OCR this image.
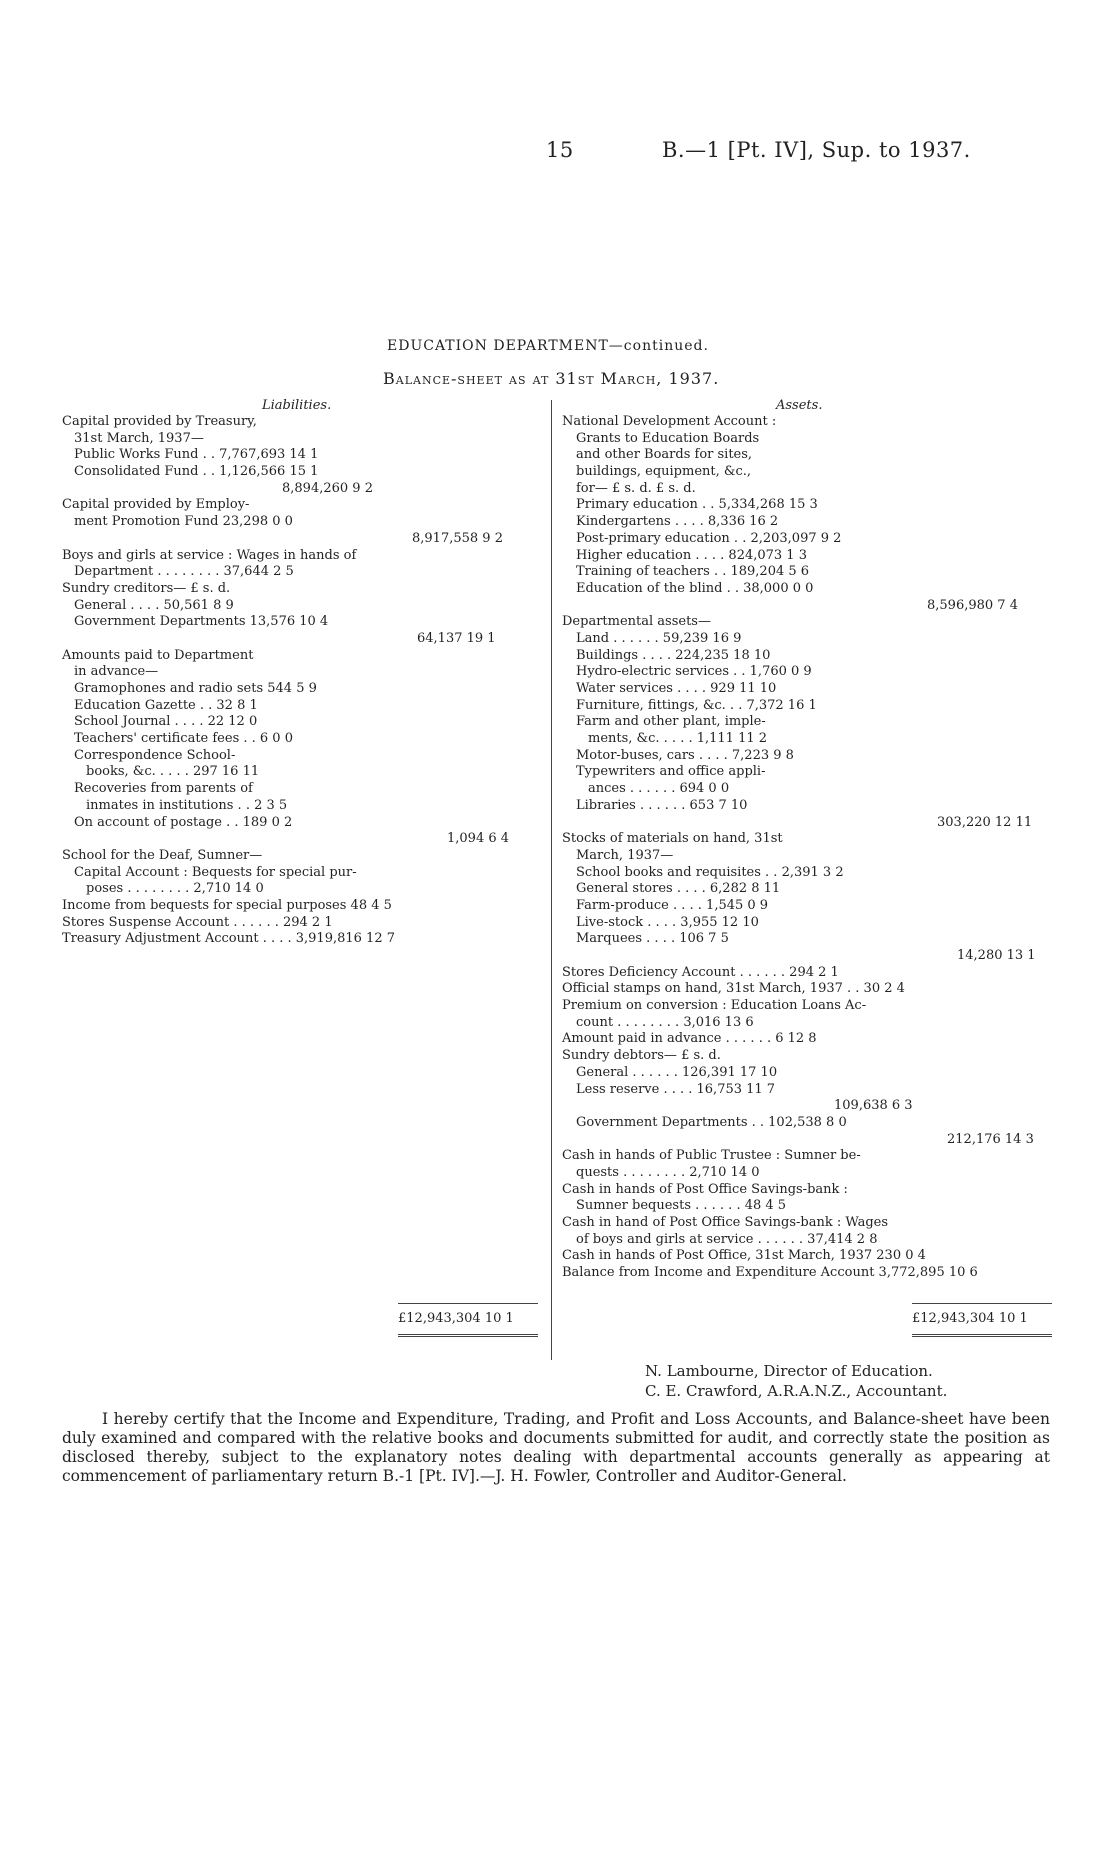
15	B.—1 [Pt. IV], Sup. to 1937.
EDUCATION DEPARTMENT—continued.
Balance-sheet as at 31st March, 1937.
Liabilities.	Assets.
Capital provided by Treasury,
31st March, 1937—
Public Works Fund . . 7,767,693 14 1
Consolidated Fund . . 1,126,566 15 1
8,894,260 9 2
Capital provided by Employ-
ment Promotion Fund 23,298 0 0
8,917,558 9 2
Boys and girls at service : Wages in hands of
Department . . . . . . . . 37,644 2 5
Sundry creditors— £ s. d.
General . . . . 50,561 8 9
Government Departments 13,576 10 4
64,137 19 1
Amounts paid to Department
in advance—
Gramophones and radio sets 544 5 9
Education Gazette . . 32 8 1
School Journal . . . . 22 12 0
Teachers' certificate fees . . 6 0 0
Correspondence School-
books, &c. . . . . 297 16 11
Recoveries from parents of
inmates in institutions . . 2 3 5
On account of postage . . 189 0 2
1,094 6 4
School for the Deaf, Sumner—
Capital Account : Bequests for special pur-
poses . . . . . . . . 2,710 14 0
Income from bequests for special purposes 48 4 5
Stores Suspense Account . . . . . . 294 2 1
Treasury Adjustment Account . . . . 3,919,816 12 7
National Development Account :
Grants to Education Boards
and other Boards for sites,
buildings, equipment, &c.,
for— £ s. d. £ s. d.
Primary education . . 5,334,268 15 3
Kindergartens . . . . 8,336 16 2
Post-primary education . . 2,203,097 9 2
Higher education . . . . 824,073 1 3
Training of teachers . . 189,204 5 6
Education of the blind . . 38,000 0 0
8,596,980 7 4
Departmental assets—
Land . . . . . . 59,239 16 9
Buildings . . . . 224,235 18 10
Hydro-electric services . . 1,760 0 9
Water services . . . . 929 11 10
Furniture, fittings, &c. . . 7,372 16 1
Farm and other plant, imple-
ments, &c. . . . . 1,111 11 2
Motor-buses, cars . . . . 7,223 9 8
Typewriters and office appli-
ances . . . . . . 694 0 0
Libraries . . . . . . 653 7 10
303,220 12 11
Stocks of materials on hand, 31st
March, 1937—
School books and requisites . . 2,391 3 2
General stores . . . . 6,282 8 11
Farm-produce . . . . 1,545 0 9
Live-stock . . . . 3,955 12 10
Marquees . . . . 106 7 5
14,280 13 1
Stores Deficiency Account . . . . . . 294 2 1
Official stamps on hand, 31st March, 1937 . . 30 2 4
Premium on conversion : Education Loans Ac-
count . . . . . . . . 3,016 13 6
Amount paid in advance . . . . . . 6 12 8
Sundry debtors— £ s. d.
General . . . . . . 126,391 17 10
Less reserve . . . . 16,753 11 7
109,638 6 3
Government Departments . . 102,538 8 0
212,176 14 3
Cash in hands of Public Trustee : Sumner be-
quests . . . . . . . . 2,710 14 0
Cash in hands of Post Office Savings-bank :
Sumner bequests . . . . . . 48 4 5
Cash in hand of Post Office Savings-bank : Wages
of boys and girls at service . . . . . . 37,414 2 8
Cash in hands of Post Office, 31st March, 1937 230 0 4
Balance from Income and Expenditure Account 3,772,895 10 6
£12,943,304 10 1	£12,943,304 10 1
N. Lambourne, Director of Education.
C. E. Crawford, A.R.A.N.Z., Accountant.
I hereby certify that the Income and Expenditure, Trading, and Profit and Loss Accounts, and Balance-sheet have been duly examined and compared with the relative books and documents submitted for audit, and correctly state the position as disclosed thereby, subject to the explanatory notes dealing with departmental accounts generally as appearing at commencement of parliamentary return B.-1 [Pt. IV].—J. H. Fowler, Controller and Auditor-General.
